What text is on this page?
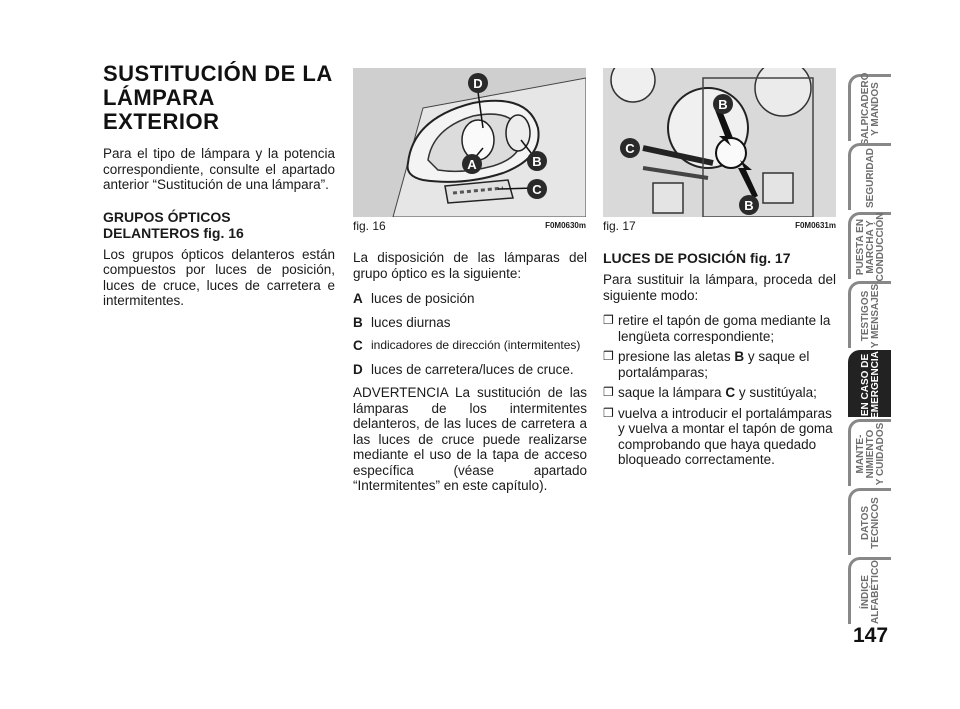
SUSTITUCIÓN DE LA
LÁMPARA EXTERIOR

Para el tipo de lámpara y la potencia correspondiente, consulte el apartado anterior “Sustitución de una lámpara”.

GRUPOS ÓPTICOS
DELANTEROS fig. 16

Los grupos ópticos delanteros están compuestos por luces de posición, luces de cruce, luces de carretera e intermitentes.

D
A	B
C
fig. 16	F0M0630m
B
C
B
fig. 17	F0M0631m

La disposición de las lámparas del grupo óptico es la siguiente:

A luces de posición
B luces diurnas
C indicadores de dirección (intermitentes)
D luces de carretera/luces de cruce.

ADVERTENCIA La sustitución de las lámparas de los intermitentes delanteros, de las luces de carretera a las luces de cruce puede realizarse mediante el uso de la tapa de acceso específica (véase apartado “Intermitentes” en este capítulo).

LUCES DE POSICIÓN fig. 17

Para sustituir la lámpara, proceda del siguiente modo:

❒ retire el tapón de goma mediante la lengüeta correspondiente;
❒ presione las aletas B y saque el portalámparas;
❒ saque la lámpara C y sustitúyala;
❒ vuelva a introducir el portalámparas y vuelva a montar el tapón de goma comprobando que haya quedado bloqueado correctamente.
SALPICADERO Y MANDOS
SEGURIDAD
PUESTA EN MARCHA Y CONDUCCIÓN
TESTIGOS Y MENSAJES
EN CASO DE EMERGENCIA
MANTE- NIMIENTO Y CUIDADOS
DATOS TECNICOS
ÍNDICE ALFABÉTICO
147
